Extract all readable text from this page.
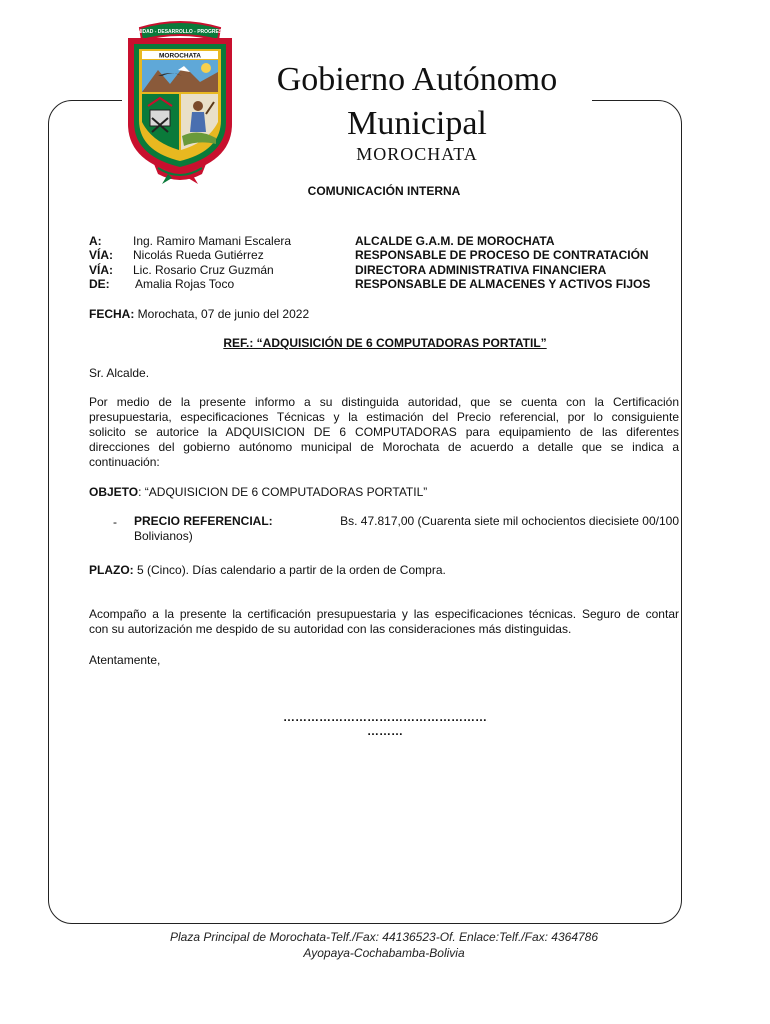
UNIDAD - DESARROLLO - PROGRESO
MOROCHATA
Gobierno Autónomo
Municipal
MOROCHATA
COMUNICACIÓN INTERNA
A:	Ing. Ramiro Mamani Escalera	ALCALDE G.A.M. DE MOROCHATA
VÍA: Nicolás Rueda Gutiérrez	RESPONSABLE DE PROCESO DE CONTRATACIÓN
VÍA: Lic. Rosario Cruz Guzmán	DIRECTORA ADMINISTRATIVA FINANCIERA
DE: Amalia Rojas Toco	RESPONSABLE DE ALMACENES Y ACTIVOS FIJOS
FECHA: Morochata, 07 de junio del 2022
REF.: “ADQUISICIÓN DE 6 COMPUTADORAS PORTATIL”
Sr. Alcalde.
Por medio de la presente informo a su distinguida autoridad, que se cuenta con la Certificación
presupuestaria, especificaciones Técnicas y la estimación del Precio referencial, por lo consiguiente
solicito se autorice la ADQUISICION DE 6 COMPUTADORAS para equipamiento de las diferentes
direcciones del gobierno autónomo municipal de Morochata de acuerdo a detalle que se indica a
continuación:
OBJETO: “ADQUISICION DE 6 COMPUTADORAS PORTATIL”
- PRECIO REFERENCIAL:	Bs. 47.817,00 (Cuarenta siete mil ochocientos diecisiete 00/100
Bolivianos)
PLAZO: 5 (Cinco). Días calendario a partir de la orden de Compra.
Acompaño a la presente la certificación presupuestaria y las especificaciones técnicas. Seguro de contar
con su autorización me despido de su autoridad con las consideraciones más distinguidas.
Atentamente,
……………………………………………
………
Plaza Principal de Morochata-Telf./Fax: 44136523-Of. Enlace:Telf./Fax: 4364786
Ayopaya-Cochabamba-Bolivia
